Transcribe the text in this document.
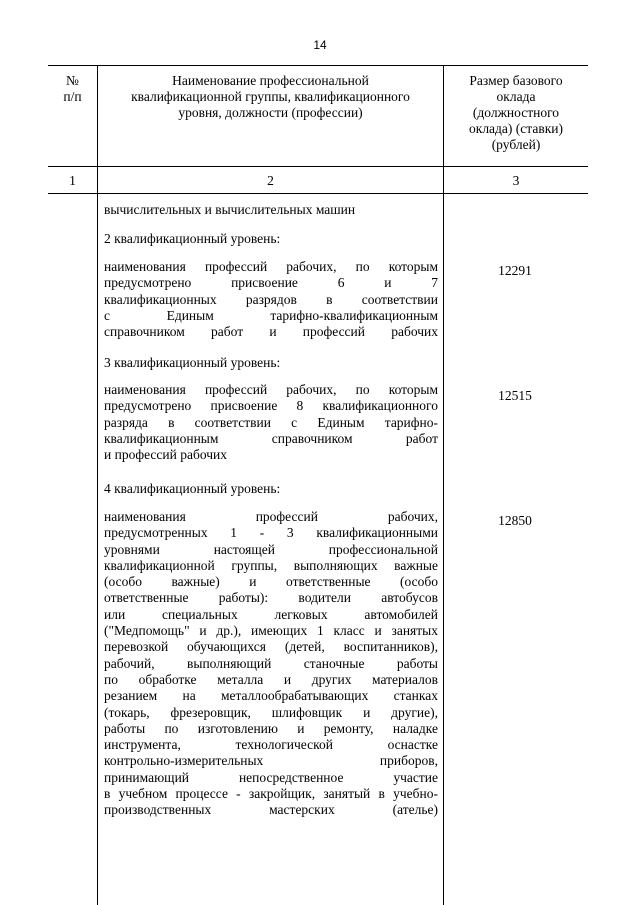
14
№
п/п
Наименование профессиональной
квалификационной группы, квалификационного
уровня, должности (профессии)
Размер базового
оклада
(должностного
оклада) (ставки)
(рублей)
1	2	3
вычислительных и вычислительных машин
2 квалификационный уровень:
наименования профессий рабочих, по которым
предусмотрено присвоение 6 и 7
квалификационных разрядов в соответствии
с Единым тарифно-квалификационным
справочником работ и профессий рабочих
12291
3 квалификационный уровень:
наименования профессий рабочих, по которым
предусмотрено присвоение 8 квалификационного
разряда в соответствии с Единым тарифно-
квалификационным справочником работ
и профессий рабочих
12515
4 квалификационный уровень:
наименования профессий рабочих,
предусмотренных 1 - 3 квалификационными
уровнями настоящей профессиональной
квалификационной группы, выполняющих важные
(особо важные) и ответственные (особо
ответственные работы): водители автобусов
или специальных легковых автомобилей
("Медпомощь" и др.), имеющих 1 класс и занятых
перевозкой обучающихся (детей, воспитанников),
рабочий, выполняющий станочные работы
по обработке металла и других материалов
резанием на металлообрабатывающих станках
(токарь, фрезеровщик, шлифовщик и другие),
работы по изготовлению и ремонту, наладке
инструмента, технологической оснастке
контрольно-измерительных приборов,
принимающий непосредственное участие
в учебном процессе - закройщик, занятый в учебно-
производственных мастерских (ателье)
12850
